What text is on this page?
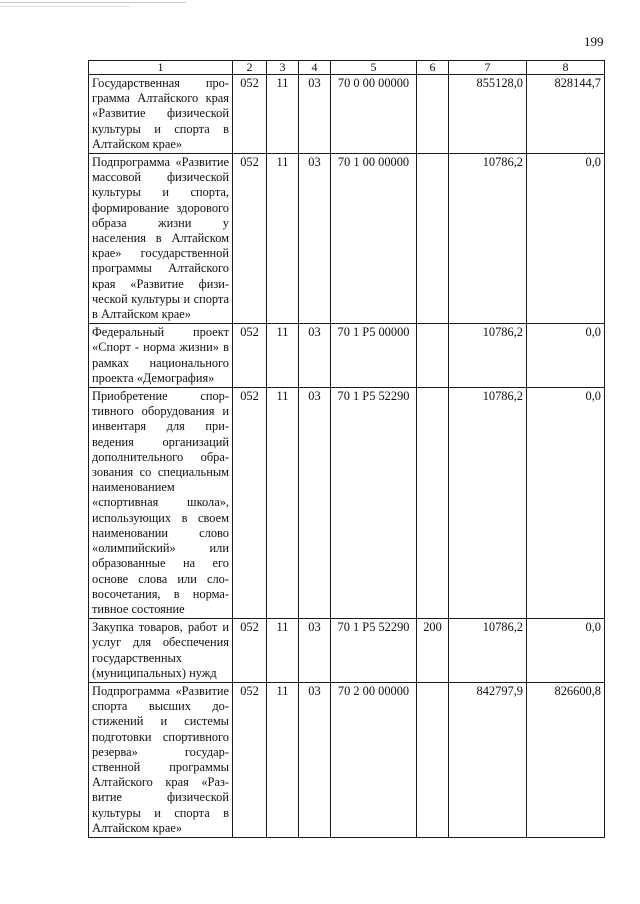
199
1	2	3	4	5	6	7	8
Государственная программа Алтайского края «Развитие физической культуры и спорта в Алтайском крае»	052	11	03	70 0 00 00000		855128,0	828144,7
Подпрограмма «Развитие массовой физической культуры и спорта, формирование здорового образа жизни у населения в Алтайском крае» государственной программы Алтайского края «Развитие физической культуры и спорта в Алтайском крае»	052	11	03	70 1 00 00000		10786,2	0,0
Федеральный проект «Спорт - норма жизни» в рамках национального проекта «Демография»	052	11	03	70 1 Р5 00000		10786,2	0,0
Приобретение спортивного оборудования и инвентаря для приведения организаций дополнительного образования со специальным наименованием «спортивная школа», использующих в своем наименовании слово «олимпийский» или образованные на его основе слова или словосочетания, в нормативное состояние	052	11	03	70 1 Р5 52290		10786,2	0,0
Закупка товаров, работ и услуг для обеспечения государственных (муниципальных) нужд	052	11	03	70 1 Р5 52290	200	10786,2	0,0
Подпрограмма «Развитие спорта высших достижений и системы подготовки спортивного резерва» государственной программы Алтайского края «Развитие физической культуры и спорта в Алтайском крае»	052	11	03	70 2 00 00000		842797,9	826600,8
